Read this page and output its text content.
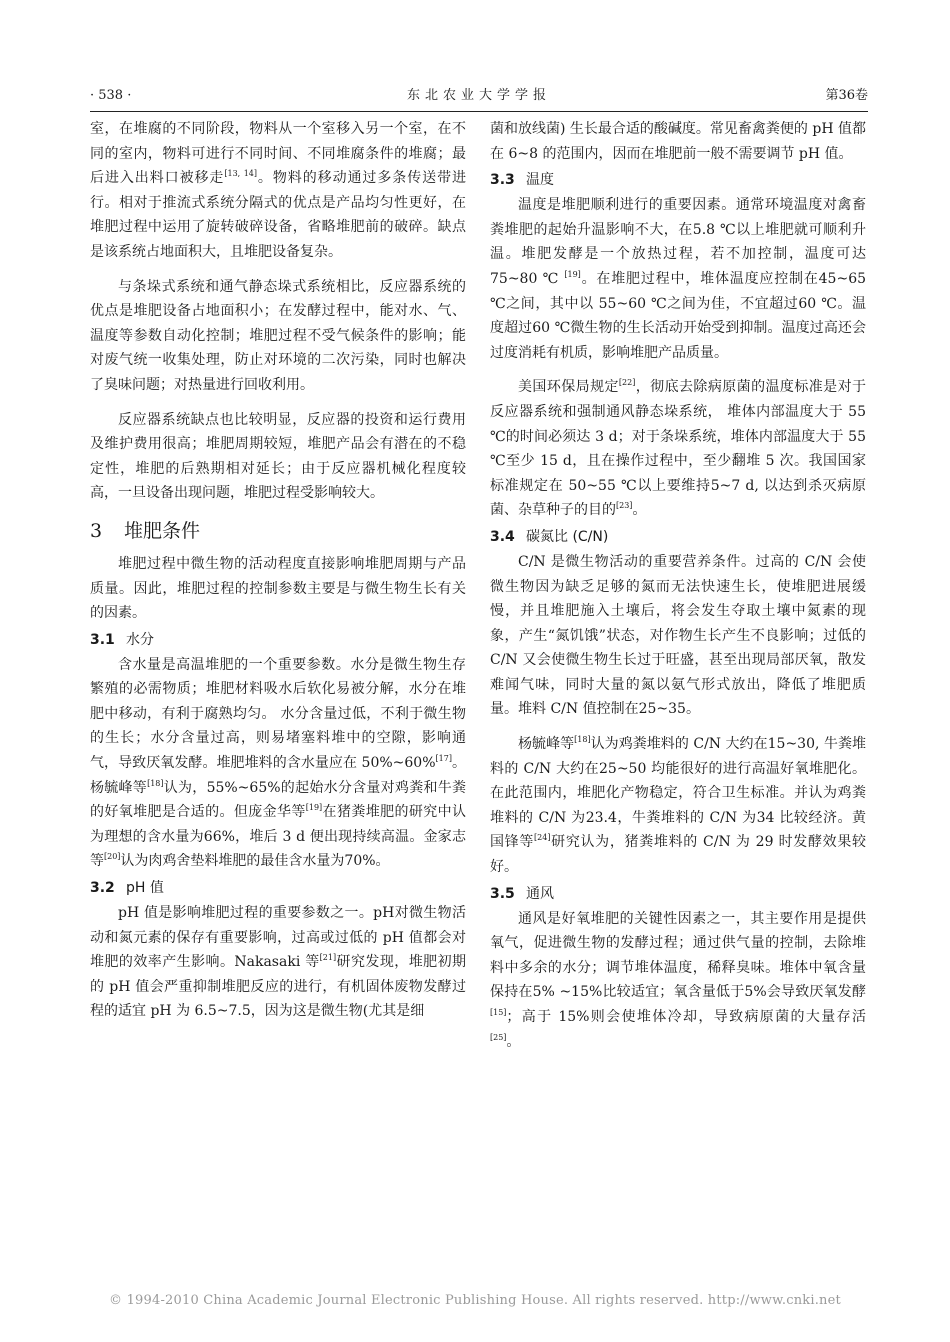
· 538 ·	东北农业大学学报	第36卷

室，在堆腐的不同阶段，物料从一个室移入另一个室，在不同的室内，物料可进行不同时间、不同堆腐条件的堆腐；最后进入出料口被移走[13, 14]。物料的移动通过多条传送带进行。相对于推流式系统分隔式的优点是产品均匀性更好，在堆肥过程中运用了旋转破碎设备，省略堆肥前的破碎。缺点是该系统占地面积大，且堆肥设备复杂。

与条垛式系统和通气静态垛式系统相比，反应器系统的优点是堆肥设备占地面积小；在发酵过程中，能对水、气、温度等参数自动化控制；堆肥过程不受气候条件的影响；能对废气统一收集处理，防止对环境的二次污染，同时也解决了臭味问题；对热量进行回收利用。

反应器系统缺点也比较明显，反应器的投资和运行费用及维护费用很高；堆肥周期较短，堆肥产品会有潜在的不稳定性，堆肥的后熟期相对延长；由于反应器机械化程度较高，一旦设备出现问题，堆肥过程受影响较大。

3 堆肥条件

堆肥过程中微生物的活动程度直接影响堆肥周期与产品质量。因此，堆肥过程的控制参数主要是与微生物生长有关的因素。

3.1 水分

含水量是高温堆肥的一个重要参数。水分是微生物生存繁殖的必需物质；堆肥材料吸水后软化易被分解，水分在堆肥中移动，有利于腐熟均匀。 水分含量过低，不利于微生物的生长；水分含量过高，则易堵塞料堆中的空隙，影响通气，导致厌氧发酵。堆肥堆料的含水量应在 50%~60%[17]。杨毓峰等[18]认为，55%~65%的起始水分含量对鸡粪和牛粪的好氧堆肥是合适的。但庞金华等[19]在猪粪堆肥的研究中认为理想的含水量为66%，堆后 3 d 便出现持续高温。金家志等[20]认为肉鸡舍垫料堆肥的最佳含水量为70%。

3.2 pH 值

pH 值是影响堆肥过程的重要参数之一。pH对微生物活动和氮元素的保存有重要影响，过高或过低的 pH 值都会对堆肥的效率产生影响。Nakasaki 等[21]研究发现，堆肥初期的 pH 值会严重抑制堆肥反应的进行，有机固体废物发酵过程的适宜 pH 为 6.5~7.5，因为这是微生物(尤其是细

菌和放线菌) 生长最合适的酸碱度。常见畜禽粪便的 pH 值都在 6~8 的范围内，因而在堆肥前一般不需要调节 pH 值。

3.3 温度

温度是堆肥顺利进行的重要因素。通常环境温度对禽畜粪堆肥的起始升温影响不大，在5.8 ℃以上堆肥就可顺利升温。堆肥发酵是一个放热过程，若不加控制，温度可达75~80 ℃ [19]。在堆肥过程中，堆体温度应控制在45~65 ℃之间，其中以 55~60 ℃之间为佳，不宜超过60 ℃。温度超过60 ℃微生物的生长活动开始受到抑制。温度过高还会过度消耗有机质，影响堆肥产品质量。

美国环保局规定[22]，彻底去除病原菌的温度标准是对于反应器系统和强制通风静态垛系统， 堆体内部温度大于 55 ℃的时间必须达 3 d；对于条垛系统，堆体内部温度大于 55 ℃至少 15 d，且在操作过程中，至少翻堆 5 次。我国国家标准规定在 50~55 ℃以上要维持5~7 d, 以达到杀灭病原菌、杂草种子的目的[23]。

3.4 碳氮比 (C/N)

C/N 是微生物活动的重要营养条件。过高的 C/N 会使微生物因为缺乏足够的氮而无法快速生长，使堆肥进展缓慢，并且堆肥施入土壤后，将会发生夺取土壤中氮素的现象，产生“氮饥饿”状态，对作物生长产生不良影响；过低的C/N 又会使微生物生长过于旺盛，甚至出现局部厌氧，散发难闻气味，同时大量的氮以氨气形式放出，降低了堆肥质量。堆料 C/N 值控制在25~35。

杨毓峰等[18]认为鸡粪堆料的 C/N 大约在15~30, 牛粪堆料的 C/N 大约在25~50 均能很好的进行高温好氧堆肥化。在此范围内，堆肥化产物稳定，符合卫生标准。并认为鸡粪堆料的 C/N 为23.4，牛粪堆料的 C/N 为34 比较经济。黄国锋等[24]研究认为，猪粪堆料的 C/N 为 29 时发酵效果较好。

3.5 通风

通风是好氧堆肥的关键性因素之一，其主要作用是提供氧气，促进微生物的发酵过程；通过供气量的控制，去除堆料中多余的水分；调节堆体温度，稀释臭味。堆体中氧含量保持在5% ~15%比较适宜；氧含量低于5%会导致厌氧发酵[15]；高于 15%则会使堆体冷却，导致病原菌的大量存活[25]。

© 1994-2010 China Academic Journal Electronic Publishing House. All rights reserved. http://www.cnki.net
